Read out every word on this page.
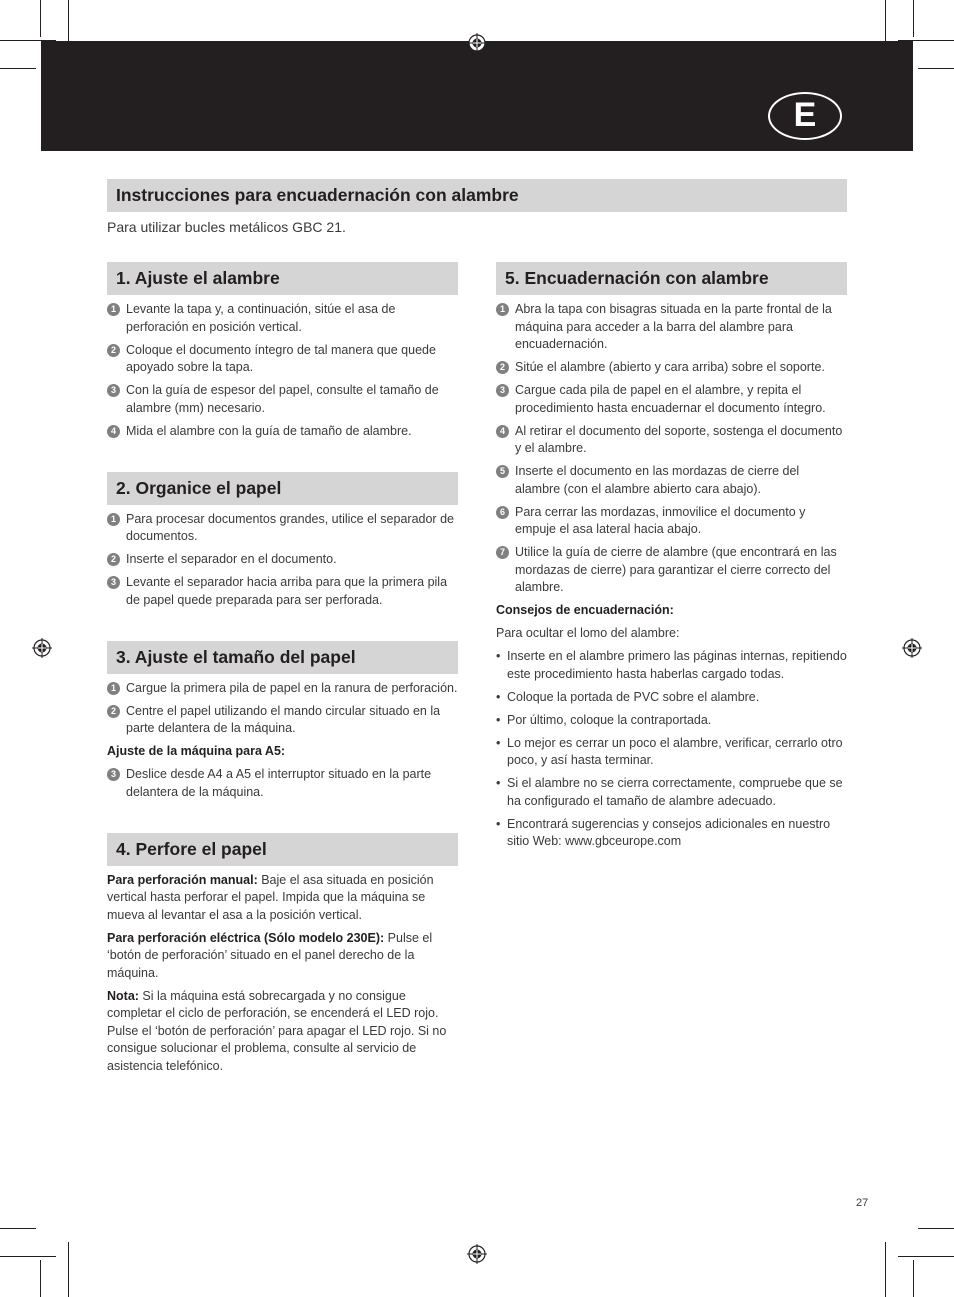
E
Instrucciones para encuadernación con alambre
Para utilizar bucles metálicos GBC 21.
1. Ajuste el alambre
1 Levante la tapa y, a continuación, sitúe el asa de perforación en posición vertical.
2 Coloque el documento íntegro de tal manera que quede apoyado sobre la tapa.
3 Con la guía de espesor del papel, consulte el tamaño de alambre (mm) necesario.
4 Mida el alambre con la guía de tamaño de alambre.
2. Organice el papel
1 Para procesar documentos grandes, utilice el separador de documentos.
2 Inserte el separador en el documento.
3 Levante el separador hacia arriba para que la primera pila de papel quede preparada para ser perforada.
3. Ajuste el tamaño del papel
1 Cargue la primera pila de papel en la ranura de perforación.
2 Centre el papel utilizando el mando circular situado en la parte delantera de la máquina.
Ajuste de la máquina para A5:
3 Deslice desde A4 a A5 el interruptor situado en la parte delantera de la máquina.
4. Perfore el papel
Para perforación manual: Baje el asa situada en posición vertical hasta perforar el papel. Impida que la máquina se mueva al levantar el asa a la posición vertical.
Para perforación eléctrica (Sólo modelo 230E): Pulse el ‘botón de perforación’ situado en el panel derecho de la máquina.
Nota: Si la máquina está sobrecargada y no consigue completar el ciclo de perforación, se encenderá el LED rojo. Pulse el ‘botón de perforación’ para apagar el LED rojo. Si no consigue solucionar el problema, consulte al servicio de asistencia telefónico.
5. Encuadernación con alambre
1 Abra la tapa con bisagras situada en la parte frontal de la máquina para acceder a la barra del alambre para encuadernación.
2 Sitúe el alambre (abierto y cara arriba) sobre el soporte.
3 Cargue cada pila de papel en el alambre, y repita el procedimiento hasta encuadernar el documento íntegro.
4 Al retirar el documento del soporte, sostenga el documento y el alambre.
5 Inserte el documento en las mordazas de cierre del alambre (con el alambre abierto cara abajo).
6 Para cerrar las mordazas, inmovilice el documento y empuje el asa lateral hacia abajo.
7 Utilice la guía de cierre de alambre (que encontrará en las mordazas de cierre) para garantizar el cierre correcto del alambre.
Consejos de encuadernación:
Para ocultar el lomo del alambre:
• Inserte en el alambre primero las páginas internas, repitiendo este procedimiento hasta haberlas cargado todas.
• Coloque la portada de PVC sobre el alambre.
• Por último, coloque la contraportada.
• Lo mejor es cerrar un poco el alambre, verificar, cerrarlo otro poco, y así hasta terminar.
• Si el alambre no se cierra correctamente, compruebe que se ha configurado el tamaño de alambre adecuado.
• Encontrará sugerencias y consejos adicionales en nuestro sitio Web: www.gbceurope.com
27
